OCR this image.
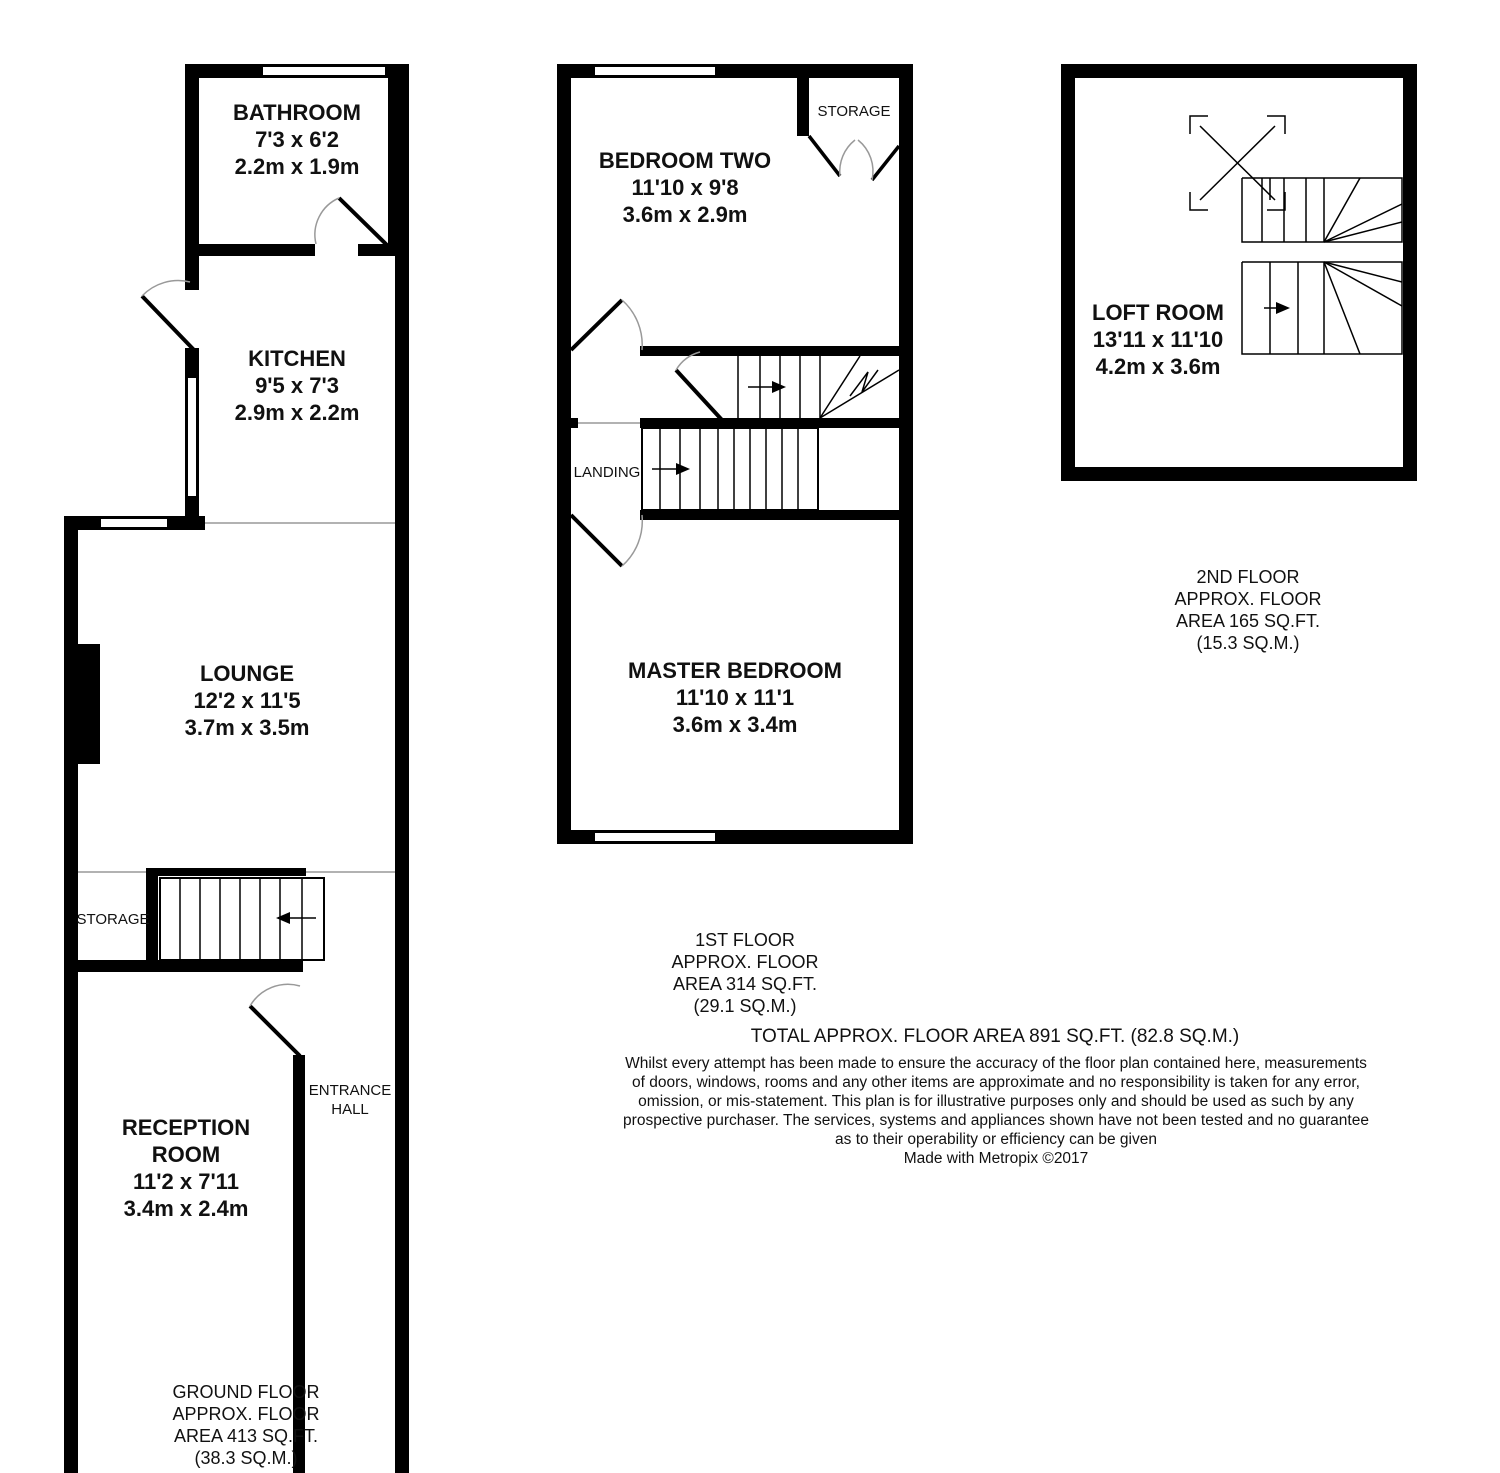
BATHROOM
7'3 x 6'2
2.2m x 1.9m
KITCHEN
9'5 x 7'3
2.9m x 2.2m
LOUNGE
12'2 x 11'5
3.7m x 3.5m
STORAGE
ENTRANCE
HALL
RECEPTION
ROOM
11'2 x 7'11
3.4m x 2.4m
STORAGE
BEDROOM TWO
11'10 x 9'8
3.6m x 2.9m
LANDING
MASTER BEDROOM
11'10 x 11'1
3.6m x 3.4m
LOFT ROOM
13'11 x 11'10
4.2m x 3.6m
2ND FLOOR
APPROX. FLOOR
AREA 165 SQ.FT.
(15.3 SQ.M.)
1ST FLOOR
APPROX. FLOOR
AREA 314 SQ.FT.
(29.1 SQ.M.)
GROUND FLOOR
APPROX. FLOOR
AREA 413 SQ.FT.
(38.3 SQ.M.)
TOTAL APPROX. FLOOR AREA 891 SQ.FT. (82.8 SQ.M.)
Whilst every attempt has been made to ensure the accuracy of the floor plan contained here, measurements
of doors, windows, rooms and any other items are approximate and no responsibility is taken for any error,
omission, or mis-statement. This plan is for illustrative purposes only and should be used as such by any
prospective purchaser. The services, systems and appliances shown have not been tested and no guarantee
as to their operability or efficiency can be given
Made with Metropix ©2017
